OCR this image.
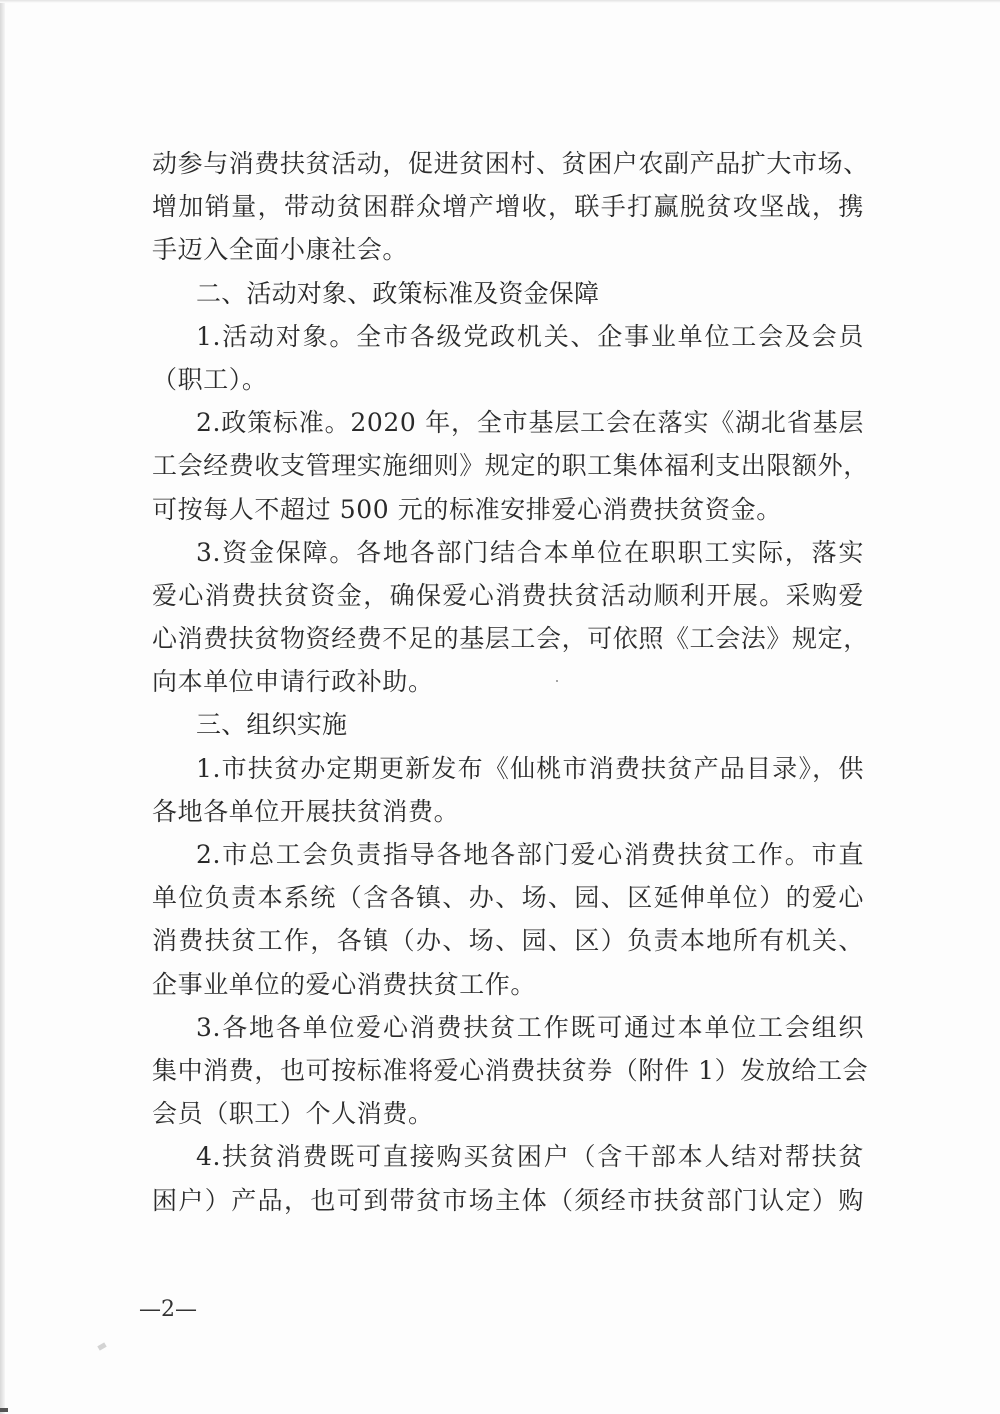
动参与消费扶贫活动，促进贫困村、贫困户农副产品扩大市场、
增加销量，带动贫困群众增产增收，联手打赢脱贫攻坚战，携
手迈入全面小康社会。
二、活动对象、政策标准及资金保障
1.活动对象。全市各级党政机关、企事业单位工会及会员
（职工）。
2.政策标准。2020 年，全市基层工会在落实《湖北省基层
工会经费收支管理实施细则》规定的职工集体福利支出限额外，
可按每人不超过 500 元的标准安排爱心消费扶贫资金。
3.资金保障。各地各部门结合本单位在职职工实际，落实
爱心消费扶贫资金，确保爱心消费扶贫活动顺利开展。采购爱
心消费扶贫物资经费不足的基层工会，可依照《工会法》规定，
向本单位申请行政补助。
三、组织实施
1.市扶贫办定期更新发布《仙桃市消费扶贫产品目录》，供
各地各单位开展扶贫消费。
2.市总工会负责指导各地各部门爱心消费扶贫工作。市直
单位负责本系统（含各镇、办、场、园、区延伸单位）的爱心
消费扶贫工作，各镇（办、场、园、区）负责本地所有机关、
企事业单位的爱心消费扶贫工作。
3.各地各单位爱心消费扶贫工作既可通过本单位工会组织
集中消费，也可按标准将爱心消费扶贫券（附件 1）发放给工会
会员（职工）个人消费。
4.扶贫消费既可直接购买贫困户（含干部本人结对帮扶贫
困户）产品，也可到带贫市场主体（须经市扶贫部门认定）购
—2—
